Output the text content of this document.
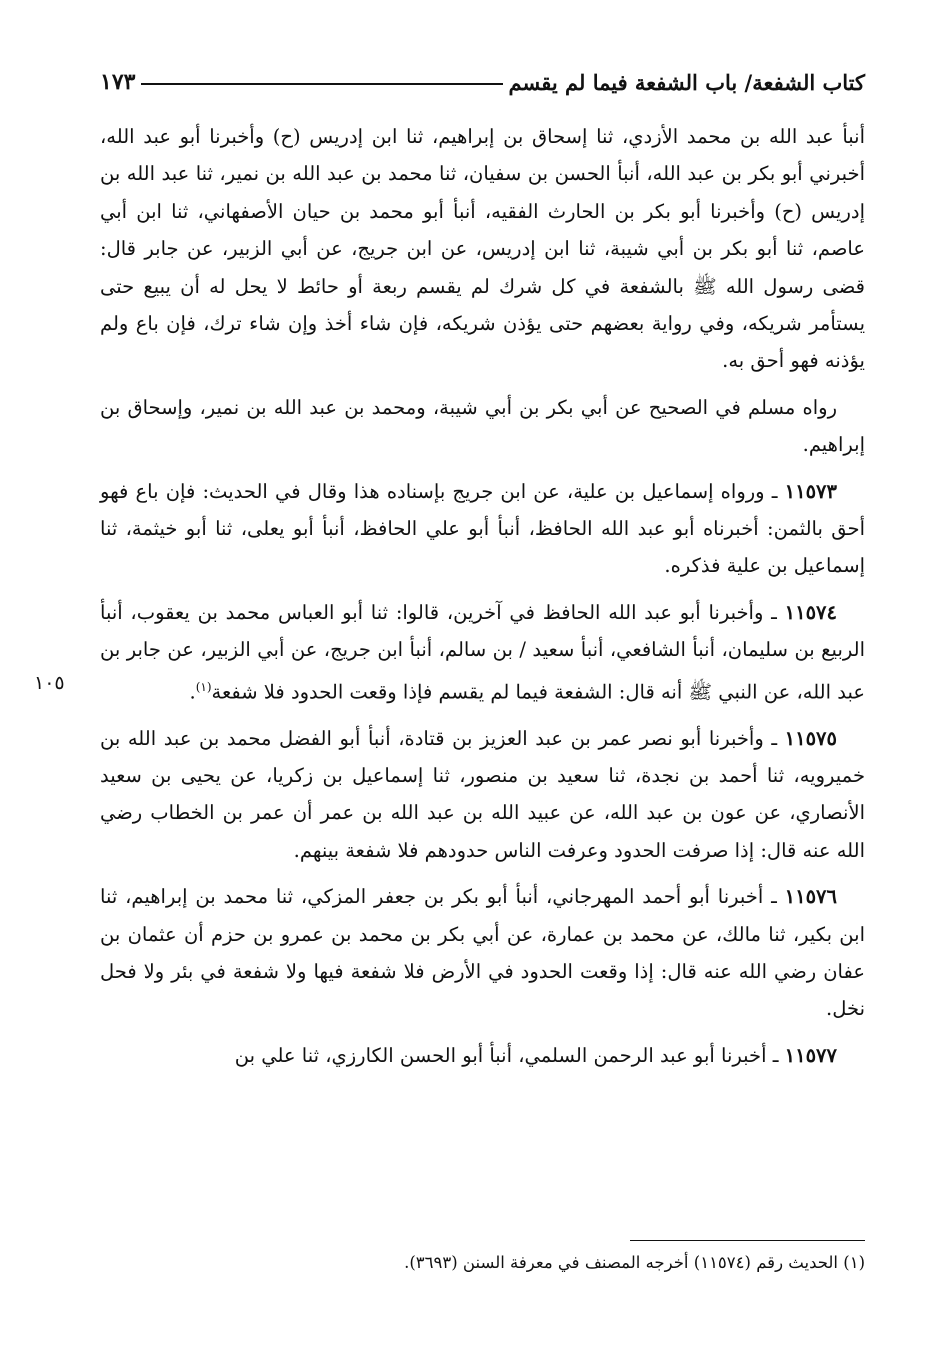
كتاب الشفعة/ باب الشفعة فيما لم يقسم
١٧٣

أنبأ عبد الله بن محمد الأزدي، ثنا إسحاق بن إبراهيم، ثنا ابن إدريس (ح) وأخبرنا أبو عبد الله، أخبرني أبو بكر بن عبد الله، أنبأ الحسن بن سفيان، ثنا محمد بن عبد الله بن نمير، ثنا عبد الله بن إدريس (ح) وأخبرنا أبو بكر بن الحارث الفقيه، أنبأ أبو محمد بن حيان الأصفهاني، ثنا ابن أبي عاصم، ثنا أبو بكر بن أبي شيبة، ثنا ابن إدريس، عن ابن جريج، عن أبي الزبير، عن جابر قال: قضى رسول الله ﷺ بالشفعة في كل شرك لم يقسم ربعة أو حائط لا يحل له أن يبيع حتى يستأمر شريكه، وفي رواية بعضهم حتى يؤذن شريكه، فإن شاء أخذ وإن شاء ترك، فإن باع ولم يؤذنه فهو أحق به.

رواه مسلم في الصحيح عن أبي بكر بن أبي شيبة، ومحمد بن عبد الله بن نمير، وإسحاق بن إبراهيم.

١١٥٧٣ ـ ورواه إسماعيل بن علية، عن ابن جريج بإسناده هذا وقال في الحديث: فإن باع فهو أحق بالثمن: أخبرناه أبو عبد الله الحافظ، أنبأ أبو علي الحافظ، أنبأ أبو يعلى، ثنا أبو خيثمة، ثنا إسماعيل بن علية فذكره.

١١٥٧٤ ـ وأخبرنا أبو عبد الله الحافظ في آخرين، قالوا: ثنا أبو العباس محمد بن يعقوب، أنبأ الربيع بن سليمان، أنبأ الشافعي، أنبأ سعيد / بن سالم، أنبأ ابن جريج، عن أبي الزبير، عن جابر بن عبد الله، عن النبي ﷺ أنه قال: الشفعة فيما لم يقسم فإذا وقعت الحدود فلا شفعة$^{(١)}$.

١١٥٧٥ ـ وأخبرنا أبو نصر عمر بن عبد العزيز بن قتادة، أنبأ أبو الفضل محمد بن عبد الله بن خميرويه، ثنا أحمد بن نجدة، ثنا سعيد بن منصور، ثنا إسماعيل بن زكريا، عن يحيى بن سعيد الأنصاري، عن عون بن عبد الله، عن عبيد الله بن عبد الله بن عمر أن عمر بن الخطاب رضي الله عنه قال: إذا صرفت الحدود وعرفت الناس حدودهم فلا شفعة بينهم.

١١٥٧٦ ـ أخبرنا أبو أحمد المهرجاني، أنبأ أبو بكر بن جعفر المزكي، ثنا محمد بن إبراهيم، ثنا ابن بكير، ثنا مالك، عن محمد بن عمارة، عن أبي بكر بن محمد بن عمرو بن حزم أن عثمان بن عفان رضي الله عنه قال: إذا وقعت الحدود في الأرض فلا شفعة فيها ولا شفعة في بئر ولا فحل نخل.

١١٥٧٧ ـ أخبرنا أبو عبد الرحمن السلمي، أنبأ أبو الحسن الكارزي، ثنا علي بن

١٠٥
(١) الحديث رقم (١١٥٧٤) أخرجه المصنف في معرفة السنن (٣٦٩٣).
